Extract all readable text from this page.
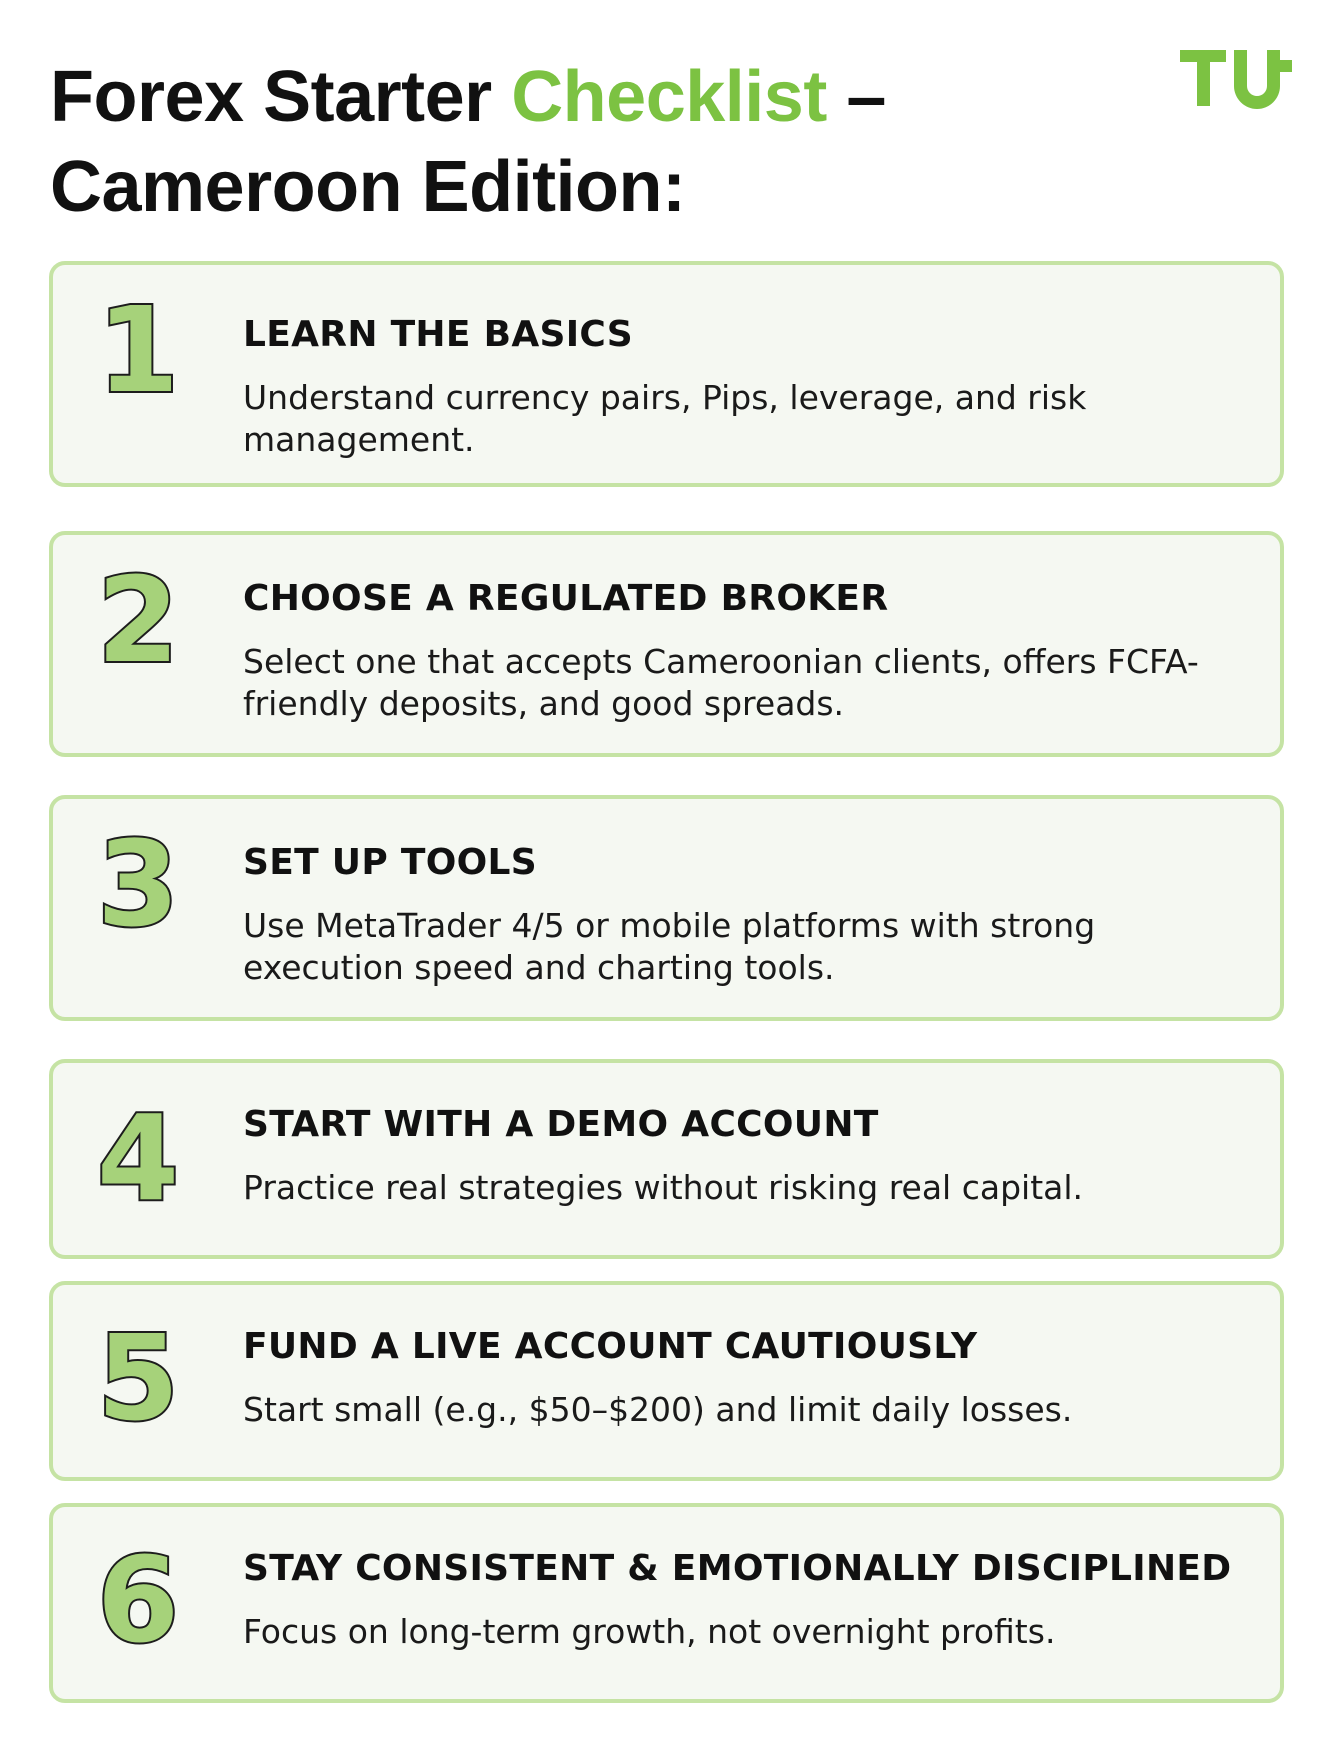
Forex Starter Checklist –
Cameroon Edition:
1	LEARN THE BASICS

Understand currency pairs, Pips, leverage, and risk management.

2	CHOOSE A REGULATED BROKER

Select one that accepts Cameroonian clients, offers FCFA-friendly deposits, and good spreads.

3	SET UP TOOLS

Use MetaTrader 4/5 or mobile platforms with strong execution speed and charting tools.

4	START WITH A DEMO ACCOUNT

Practice real strategies without risking real capital.

5	FUND A LIVE ACCOUNT CAUTIOUSLY

Start small (e.g., $50–$200) and limit daily losses.

6	STAY CONSISTENT & EMOTIONALLY DISCIPLINED

Focus on long-term growth, not overnight profits.
